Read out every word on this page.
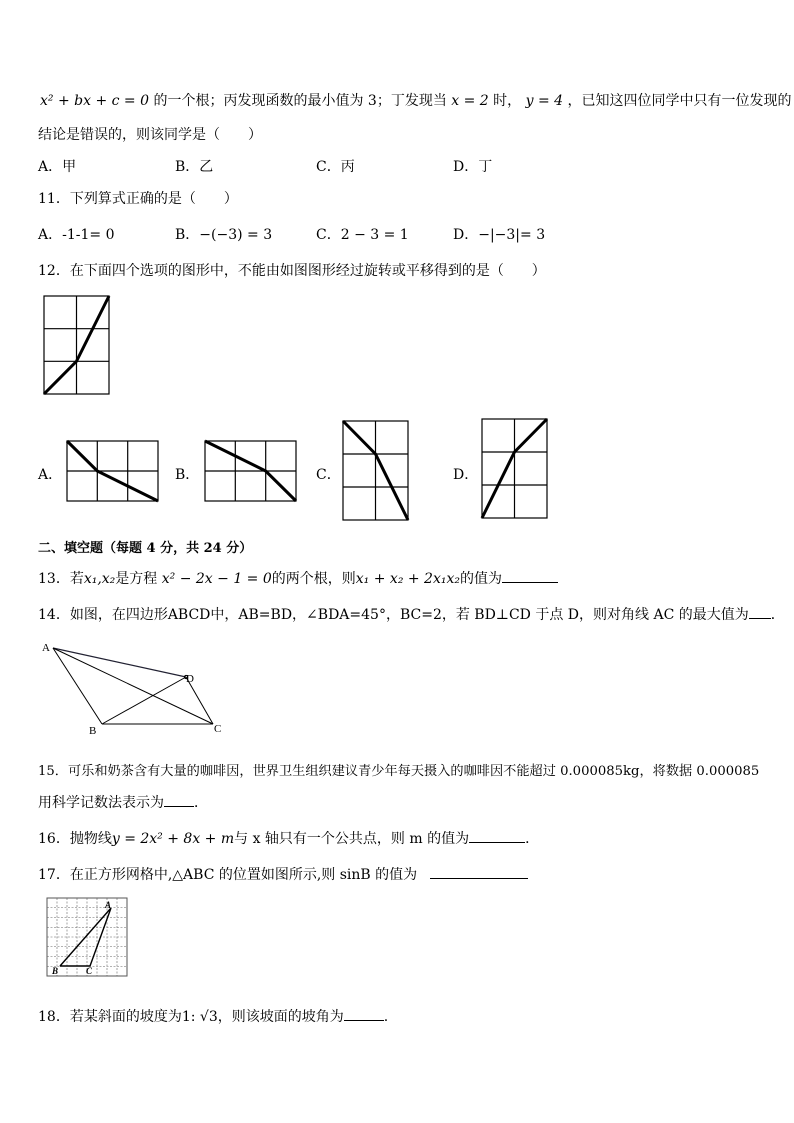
x² + bx + c = 0 的一个根；丙发现函数的最小值为 3；丁发现当 x = 2 时， y = 4 ，已知这四位同学中只有一位发现的
结论是错误的，则该同学是（　　）
A．甲	B．乙	C．丙	D．丁
11．下列算式正确的是（　　）
A．-1-1= 0	B．−(−3) = 3	C．2 − 3 = 1	D．−|−3|= 3
12．在下面四个选项的图形中，不能由如图图形经过旋转或平移得到的是（　　）
A．	B．	C．	D．
二、填空题（每题 4 分，共 24 分）
13．若x₁,x₂是方程 x² − 2x − 1 = 0的两个根，则x₁ + x₂ + 2x₁x₂的值为
14．如图，在四边形ABCD中，AB=BD，∠BDA=45°，BC=2，若 BD⊥CD 于点 D，则对角线 AC 的最大值为 ．
A
D
B	C
15．可乐和奶茶含有大量的咖啡因，世界卫生组织建议青少年每天摄入的咖啡因不能超过 0.000085kg，将数据 0.000085
用科学记数法表示为 ．
16．抛物线y = 2x² + 8x + m与 x 轴只有一个公共点，则 m 的值为	．
17．在正方形网格中,△ABC 的位置如图所示,则 sinB 的值为
A
B	C
18．若某斜面的坡度为1: √3，则该坡面的坡角为	.
